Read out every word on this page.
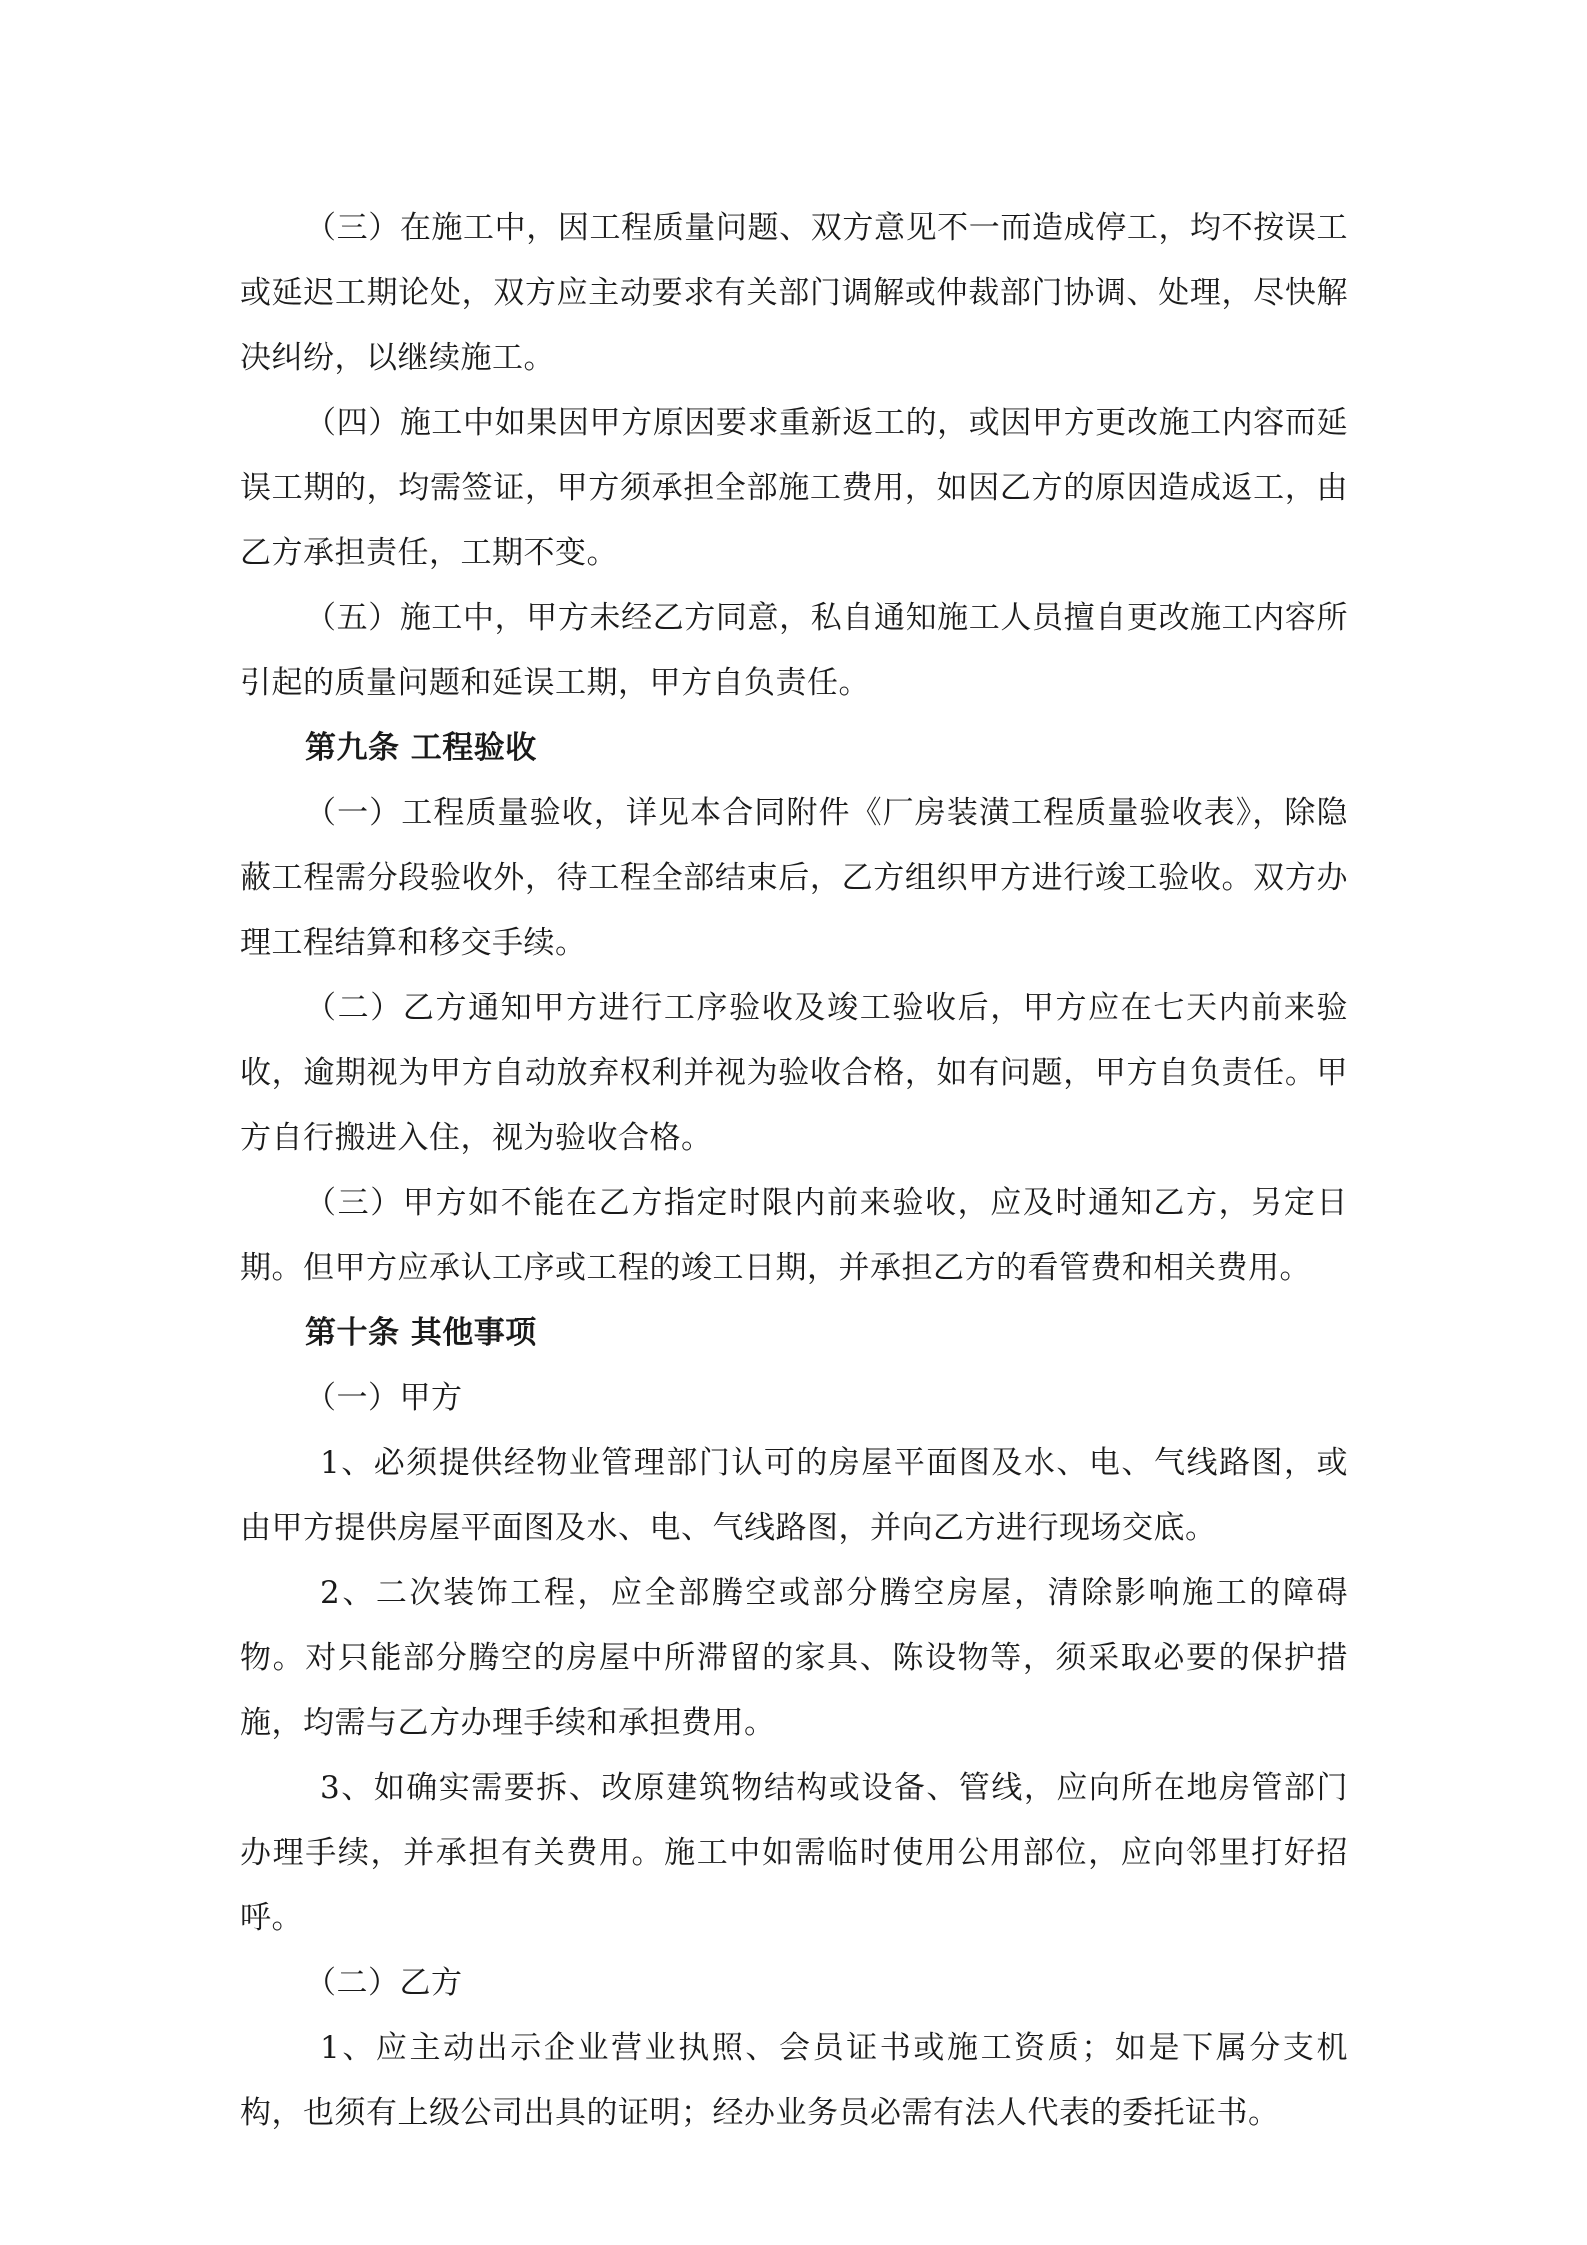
（三）在施工中，因工程质量问题、双方意见不一而造成停工，均不按误工或延迟工期论处，双方应主动要求有关部门调解或仲裁部门协调、处理，尽快解决纠纷，以继续施工。

（四）施工中如果因甲方原因要求重新返工的，或因甲方更改施工内容而延误工期的，均需签证，甲方须承担全部施工费用，如因乙方的原因造成返工，由乙方承担责任，工期不变。

（五）施工中，甲方未经乙方同意，私自通知施工人员擅自更改施工内容所引起的质量问题和延误工期，甲方自负责任。

第九条 工程验收

（一）工程质量验收，详见本合同附件《厂房装潢工程质量验收表》，除隐蔽工程需分段验收外，待工程全部结束后，乙方组织甲方进行竣工验收。双方办理工程结算和移交手续。

（二）乙方通知甲方进行工序验收及竣工验收后，甲方应在七天内前来验收，逾期视为甲方自动放弃权利并视为验收合格，如有问题，甲方自负责任。甲方自行搬进入住，视为验收合格。

（三）甲方如不能在乙方指定时限内前来验收，应及时通知乙方，另定日期。但甲方应承认工序或工程的竣工日期，并承担乙方的看管费和相关费用。

第十条 其他事项

（一）甲方

1、必须提供经物业管理部门认可的房屋平面图及水、电、气线路图，或由甲方提供房屋平面图及水、电、气线路图，并向乙方进行现场交底。

2、二次装饰工程，应全部腾空或部分腾空房屋，清除影响施工的障碍物。对只能部分腾空的房屋中所滞留的家具、陈设物等，须采取必要的保护措施，均需与乙方办理手续和承担费用。

3、如确实需要拆、改原建筑物结构或设备、管线，应向所在地房管部门办理手续，并承担有关费用。施工中如需临时使用公用部位，应向邻里打好招呼。

（二）乙方

1、应主动出示企业营业执照、会员证书或施工资质；如是下属分支机构，也须有上级公司出具的证明；经办业务员必需有法人代表的委托证书。
